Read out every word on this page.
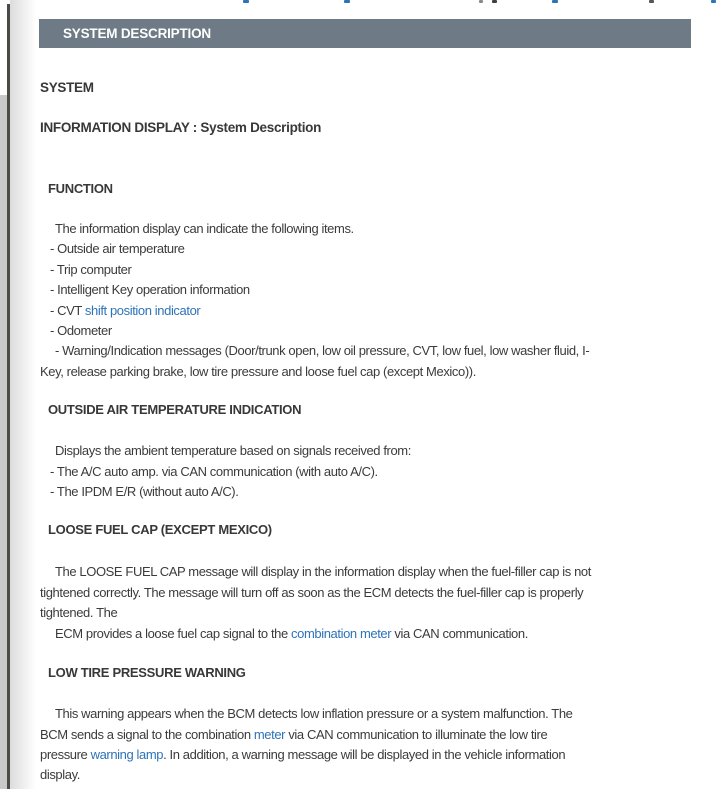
SYSTEM DESCRIPTION
SYSTEM
INFORMATION DISPLAY : System Description
FUNCTION
The information display can indicate the following items.
- Outside air temperature
- Trip computer
- Intelligent Key operation information
- CVT shift position indicator
- Odometer
- Warning/Indication messages (Door/trunk open, low oil pressure, CVT, low fuel, low washer fluid, I-
Key, release parking brake, low tire pressure and loose fuel cap (except Mexico)).
OUTSIDE AIR TEMPERATURE INDICATION
Displays the ambient temperature based on signals received from:
- The A/C auto amp. via CAN communication (with auto A/C).
- The IPDM E/R (without auto A/C).
LOOSE FUEL CAP (EXCEPT MEXICO)
The LOOSE FUEL CAP message will display in the information display when the fuel-filler cap is not
tightened correctly. The message will turn off as soon as the ECM detects the fuel-filler cap is properly
tightened. The
ECM provides a loose fuel cap signal to the combination meter via CAN communication.
LOW TIRE PRESSURE WARNING
This warning appears when the BCM detects low inflation pressure or a system malfunction. The
BCM sends a signal to the combination meter via CAN communication to illuminate the low tire
pressure warning lamp. In addition, a warning message will be displayed in the vehicle information
display.
